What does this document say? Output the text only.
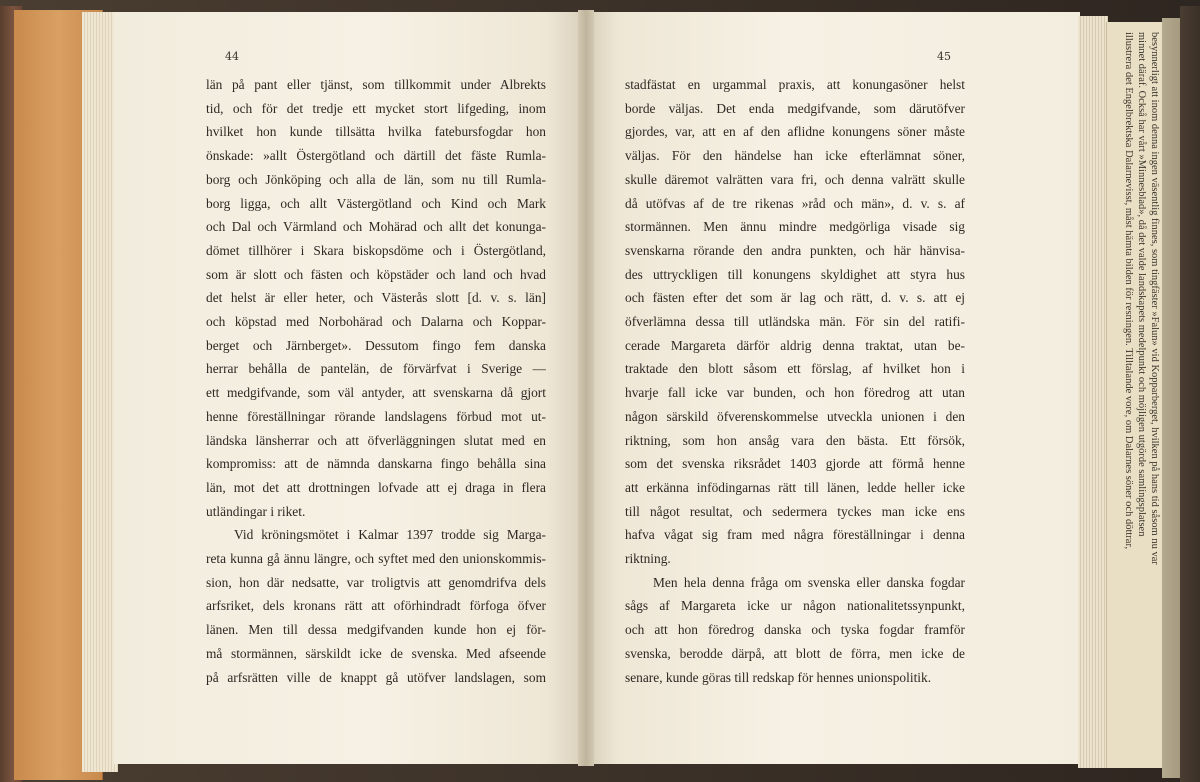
besynnerligt att inom denna ingen väsentlig finnes, som tingfäster »Falun» vid Kopparberget, hvilken på hans tid såsom nu var
minnet däraf. Också har vårt »Minnesblad», då det valde landskapets medelpunkt och möjligen utgörde samlingsplatsen
illustrera det Engelbrektska Dalarnevisst, måst hämta bilden för resningen. Tilltalande vore, om Dalarnes söner och döttrar,
44	45
län på pant eller tjänst, som tillkommit under Albrekts
tid, och för det tredje ett mycket stort lifgeding, inom
hvilket hon kunde tillsätta hvilka fatebursfogdar hon
önskade: »allt Östergötland och därtill det fäste Rumla-
borg och Jönköping och alla de län, som nu till Rumla-
borg ligga, och allt Västergötland och Kind och Mark
och Dal och Värmland och Mohärad och allt det konunga-
dömet tillhörer i Skara biskopsdöme och i Östergötland,
som är slott och fästen och köpstäder och land och hvad
det helst är eller heter, och Västerås slott [d. v. s. län]
och köpstad med Norbohärad och Dalarna och Koppar-
berget och Järnberget». Dessutom fingo fem danska
herrar behålla de pantelän, de förvärfvat i Sverige —
ett medgifvande, som väl antyder, att svenskarna då gjort
henne föreställningar rörande landslagens förbud mot ut-
ländska länsherrar och att öfverläggningen slutat med en
kompromiss: att de nämnda danskarna fingo behålla sina
län, mot det att drottningen lofvade att ej draga in flera
utländingar i riket.
Vid kröningsmötet i Kalmar 1397 trodde sig Marga-
reta kunna gå ännu längre, och syftet med den unionskommis-
sion, hon där nedsatte, var troligtvis att genomdrifva dels
arfsriket, dels kronans rätt att oförhindradt förfoga öfver
länen. Men till dessa medgifvanden kunde hon ej för-
må stormännen, särskildt icke de svenska. Med afseende
på arfsrätten ville de knappt gå utöfver landslagen, som
stadfästat en urgammal praxis, att konungasöner helst
borde väljas. Det enda medgifvande, som därutöfver
gjordes, var, att en af den aflidne konungens söner måste
väljas. För den händelse han icke efterlämnat söner,
skulle däremot valrätten vara fri, och denna valrätt skulle
då utöfvas af de tre rikenas »råd och män», d. v. s. af
stormännen. Men ännu mindre medgörliga visade sig
svenskarna rörande den andra punkten, och här hänvisa-
des uttryckligen till konungens skyldighet att styra hus
och fästen efter det som är lag och rätt, d. v. s. att ej
öfverlämna dessa till utländska män. För sin del ratifi-
cerade Margareta därför aldrig denna traktat, utan be-
traktade den blott såsom ett förslag, af hvilket hon i
hvarje fall icke var bunden, och hon föredrog att utan
någon särskild öfverenskommelse utveckla unionen i den
riktning, som hon ansåg vara den bästa. Ett försök,
som det svenska riksrådet 1403 gjorde att förmå henne
att erkänna infödingarnas rätt till länen, ledde heller icke
till något resultat, och sedermera tyckes man icke ens
hafva vågat sig fram med några föreställningar i denna
riktning.
Men hela denna fråga om svenska eller danska fogdar
sågs af Margareta icke ur någon nationalitetssynpunkt,
och att hon föredrog danska och tyska fogdar framför
svenska, berodde därpå, att blott de förra, men icke de
senare, kunde göras till redskap för hennes unionspolitik.
